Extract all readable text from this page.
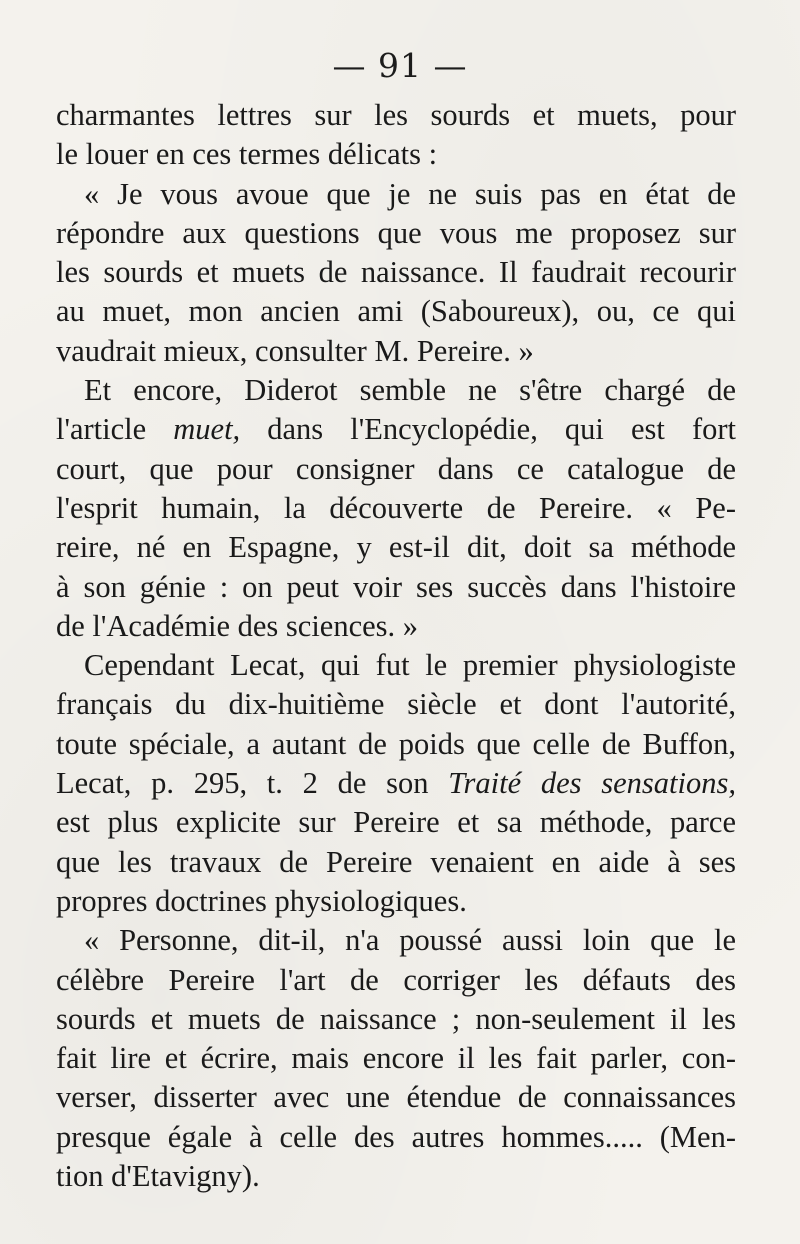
— 91 —
charmantes lettres sur les sourds et muets, pour
le louer en ces termes délicats :
« Je vous avoue que je ne suis pas en état de
répondre aux questions que vous me proposez sur
les sourds et muets de naissance. Il faudrait recourir
au muet, mon ancien ami (Saboureux), ou, ce qui
vaudrait mieux, consulter M. Pereire. »
Et encore, Diderot semble ne s'être chargé de
l'article muet, dans l'Encyclopédie, qui est fort
court, que pour consigner dans ce catalogue de
l'esprit humain, la découverte de Pereire. « Pe-
reire, né en Espagne, y est-il dit, doit sa méthode
à son génie : on peut voir ses succès dans l'histoire
de l'Académie des sciences. »
Cependant Lecat, qui fut le premier physiologiste
français du dix-huitième siècle et dont l'autorité,
toute spéciale, a autant de poids que celle de Buffon,
Lecat, p. 295, t. 2 de son Traité des sensations,
est plus explicite sur Pereire et sa méthode, parce
que les travaux de Pereire venaient en aide à ses
propres doctrines physiologiques.
« Personne, dit-il, n'a poussé aussi loin que le
célèbre Pereire l'art de corriger les défauts des
sourds et muets de naissance ; non-seulement il les
fait lire et écrire, mais encore il les fait parler, con-
verser, disserter avec une étendue de connaissances
presque égale à celle des autres hommes..... (Men-
tion d'Etavigny).
